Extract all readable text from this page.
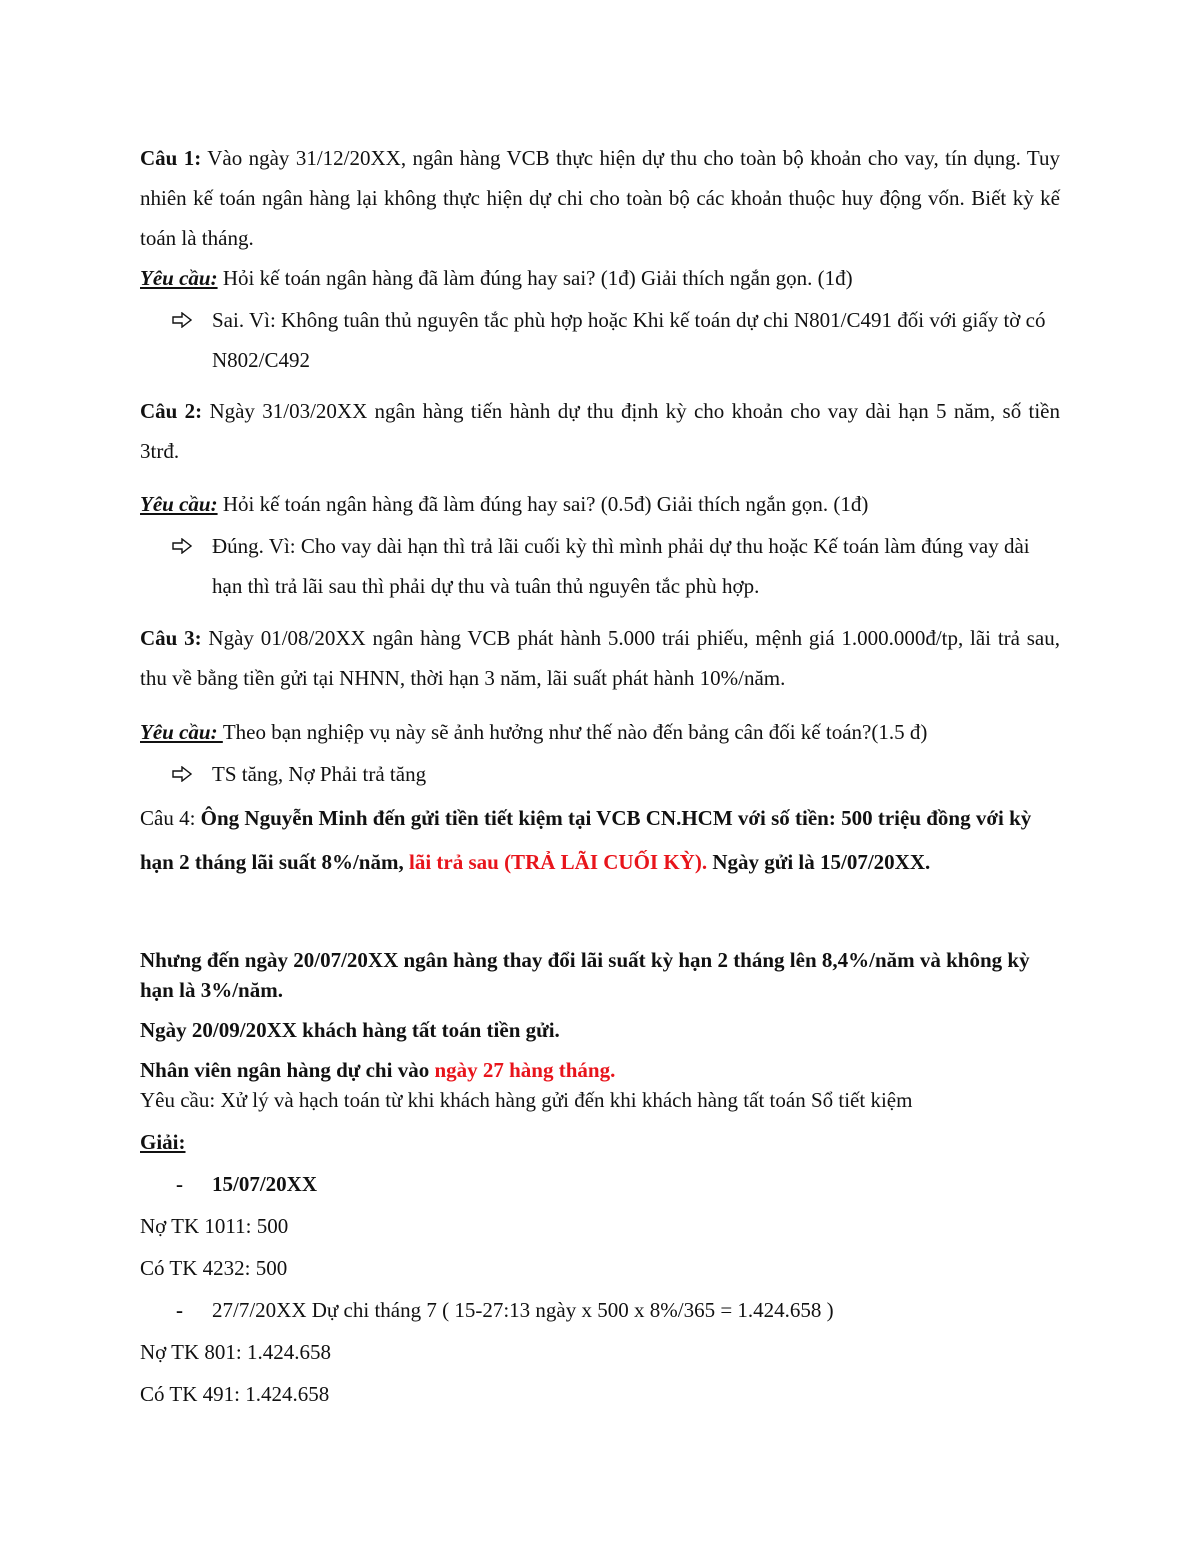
Câu 1: Vào ngày 31/12/20XX, ngân hàng VCB thực hiện dự thu cho toàn bộ khoản cho vay, tín dụng. Tuy nhiên kế toán ngân hàng lại không thực hiện dự chi cho toàn bộ các khoản thuộc huy động vốn. Biết kỳ kế toán là tháng.

Yêu cầu: Hỏi kế toán ngân hàng đã làm đúng hay sai? (1đ) Giải thích ngắn gọn. (1đ)

Sai. Vì: Không tuân thủ nguyên tắc phù hợp hoặc Khi kế toán dự chi N801/C491 đối với giấy tờ có N802/C492

Câu 2: Ngày 31/03/20XX ngân hàng tiến hành dự thu định kỳ cho khoản cho vay dài hạn 5 năm, số tiền 3trđ.

Yêu cầu: Hỏi kế toán ngân hàng đã làm đúng hay sai? (0.5đ) Giải thích ngắn gọn. (1đ)

Đúng. Vì: Cho vay dài hạn thì trả lãi cuối kỳ thì mình phải dự thu hoặc Kế toán làm đúng vay dài hạn thì trả lãi sau thì phải dự thu và tuân thủ nguyên tắc phù hợp.

Câu 3: Ngày 01/08/20XX ngân hàng VCB phát hành 5.000 trái phiếu, mệnh giá 1.000.000đ/tp, lãi trả sau, thu về bằng tiền gửi tại NHNN, thời hạn 3 năm, lãi suất phát hành 10%/năm.

Yêu cầu: Theo bạn nghiệp vụ này sẽ ảnh hưởng như thế nào đến bảng cân đối kế toán?(1.5 đ)

TS tăng, Nợ Phải trả tăng

Câu 4: Ông Nguyễn Minh đến gửi tiền tiết kiệm tại VCB CN.HCM với số tiền: 500 triệu đồng với kỳ hạn 2 tháng lãi suất 8%/năm, lãi trả sau (TRẢ LÃI CUỐI KỲ). Ngày gửi là 15/07/20XX.

Nhưng đến ngày 20/07/20XX ngân hàng thay đổi lãi suất kỳ hạn 2 tháng lên 8,4%/năm và không kỳ hạn là 3%/năm.

Ngày 20/09/20XX khách hàng tất toán tiền gửi.

Nhân viên ngân hàng dự chi vào ngày 27 hàng tháng.

Yêu cầu: Xử lý và hạch toán từ khi khách hàng gửi đến khi khách hàng tất toán Sổ tiết kiệm

Giải:

- 15/07/20XX

Nợ TK 1011: 500

Có TK 4232: 500

- 27/7/20XX Dự chi tháng 7 ( 15-27:13 ngày x 500 x 8%/365 = 1.424.658 )

Nợ TK 801: 1.424.658

Có TK 491: 1.424.658
